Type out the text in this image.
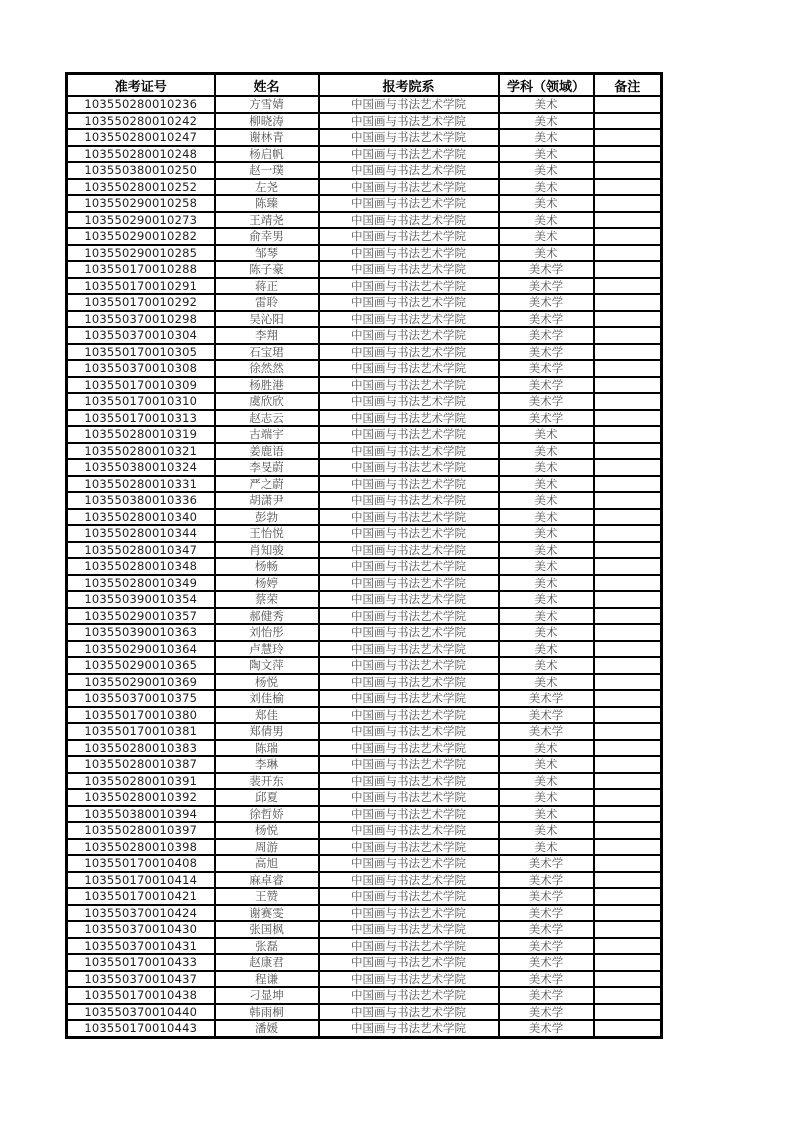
准考证号	姓名	报考院系	学科（领域）	备注
103550280010236	方雪婧	中国画与书法艺术学院	美术	
103550280010242	柳晓涛	中国画与书法艺术学院	美术	
103550280010247	谢林青	中国画与书法艺术学院	美术	
103550280010248	杨启帆	中国画与书法艺术学院	美术	
103550380010250	赵一璞	中国画与书法艺术学院	美术	
103550280010252	左尧	中国画与书法艺术学院	美术	
103550290010258	陈臻	中国画与书法艺术学院	美术	
103550290010273	王靖尧	中国画与书法艺术学院	美术	
103550290010282	俞幸男	中国画与书法艺术学院	美术	
103550290010285	邹琴	中国画与书法艺术学院	美术	
103550170010288	陈子豪	中国画与书法艺术学院	美术学	
103550170010291	蒋正	中国画与书法艺术学院	美术学	
103550170010292	雷聆	中国画与书法艺术学院	美术学	
103550370010298	吴沁阳	中国画与书法艺术学院	美术学	
103550370010304	李翔	中国画与书法艺术学院	美术学	
103550170010305	石宝珺	中国画与书法艺术学院	美术学	
103550370010308	徐然然	中国画与书法艺术学院	美术学	
103550170010309	杨胜港	中国画与书法艺术学院	美术学	
103550170010310	虞欣欣	中国画与书法艺术学院	美术学	
103550170010313	赵志云	中国画与书法艺术学院	美术学	
103550280010319	古端宇	中国画与书法艺术学院	美术	
103550280010321	姜鹿语	中国画与书法艺术学院	美术	
103550380010324	李旻蔚	中国画与书法艺术学院	美术	
103550280010331	严之蔚	中国画与书法艺术学院	美术	
103550380010336	胡潇尹	中国画与书法艺术学院	美术	
103550280010340	彭勃	中国画与书法艺术学院	美术	
103550280010344	王怡悦	中国画与书法艺术学院	美术	
103550280010347	肖知骏	中国画与书法艺术学院	美术	
103550280010348	杨畅	中国画与书法艺术学院	美术	
103550280010349	杨婷	中国画与书法艺术学院	美术	
103550390010354	蔡荣	中国画与书法艺术学院	美术	
103550290010357	郝健秀	中国画与书法艺术学院	美术	
103550390010363	刘怡彤	中国画与书法艺术学院	美术	
103550290010364	卢慧玲	中国画与书法艺术学院	美术	
103550290010365	陶文萍	中国画与书法艺术学院	美术	
103550290010369	杨悦	中国画与书法艺术学院	美术	
103550370010375	刘佳榆	中国画与书法艺术学院	美术学	
103550170010380	郑佳	中国画与书法艺术学院	美术学	
103550170010381	郑倩男	中国画与书法艺术学院	美术学	
103550280010383	陈瑞	中国画与书法艺术学院	美术	
103550280010387	李琳	中国画与书法艺术学院	美术	
103550280010391	裴开东	中国画与书法艺术学院	美术	
103550280010392	邱夏	中国画与书法艺术学院	美术	
103550380010394	徐哲娇	中国画与书法艺术学院	美术	
103550280010397	杨悦	中国画与书法艺术学院	美术	
103550280010398	周游	中国画与书法艺术学院	美术	
103550170010408	高旭	中国画与书法艺术学院	美术学	
103550170010414	麻卓睿	中国画与书法艺术学院	美术学	
103550170010421	王赞	中国画与书法艺术学院	美术学	
103550370010424	谢赛雯	中国画与书法艺术学院	美术学	
103550370010430	张国枫	中国画与书法艺术学院	美术学	
103550370010431	张磊	中国画与书法艺术学院	美术学	
103550170010433	赵康君	中国画与书法艺术学院	美术学	
103550370010437	程谦	中国画与书法艺术学院	美术学	
103550170010438	刁显坤	中国画与书法艺术学院	美术学	
103550370010440	韩雨桐	中国画与书法艺术学院	美术学	
103550170010443	潘媛	中国画与书法艺术学院	美术学	
